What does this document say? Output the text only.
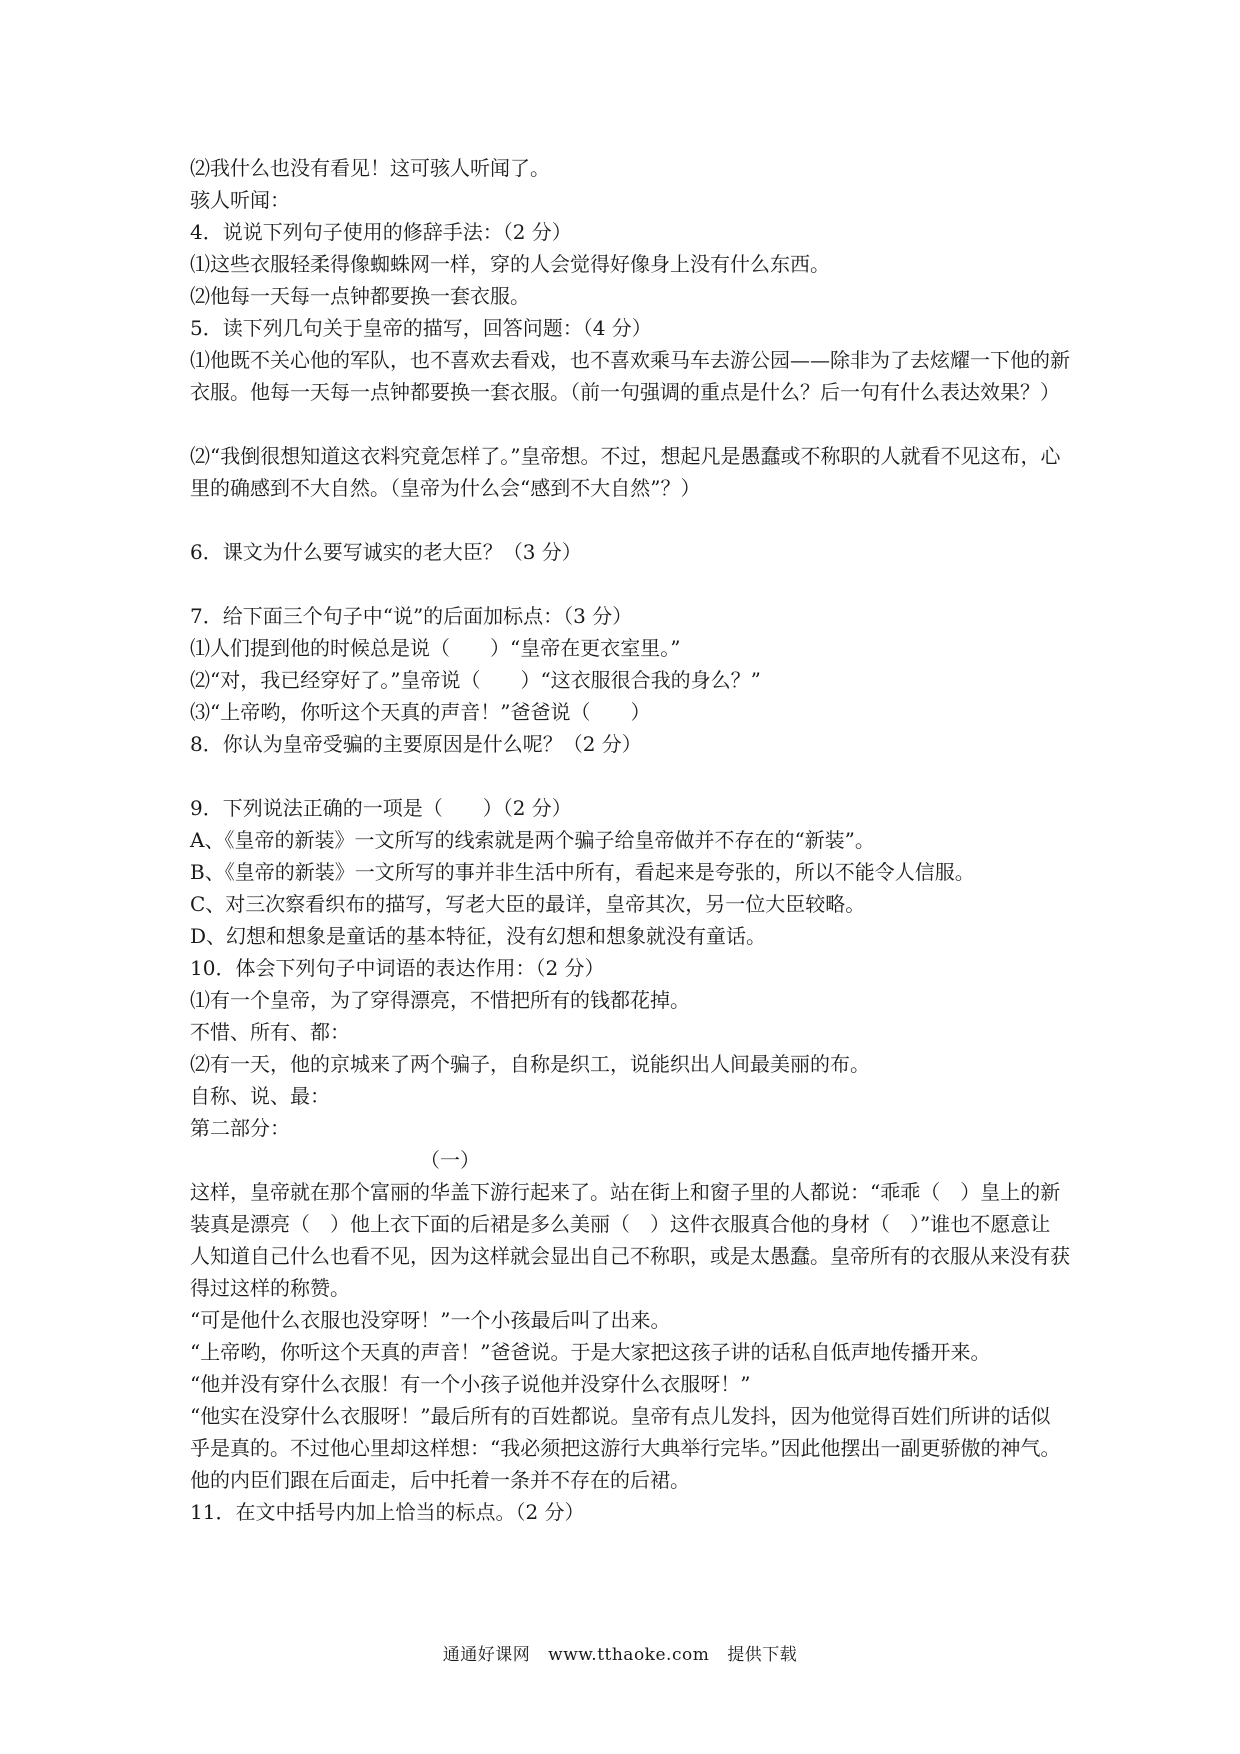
⑵我什么也没有看见！这可骇人听闻了。
骇人听闻：
4．说说下列句子使用的修辞手法：（2 分）
⑴这些衣服轻柔得像蜘蛛网一样，穿的人会觉得好像身上没有什么东西。
⑵他每一天每一点钟都要换一套衣服。
5．读下列几句关于皇帝的描写，回答问题：（4 分）
⑴他既不关心他的军队，也不喜欢去看戏，也不喜欢乘马车去游公园——除非为了去炫耀一下他的新衣服。他每一天每一点钟都要换一套衣服。（前一句强调的重点是什么？后一句有什么表达效果？）
⑵“我倒很想知道这衣料究竟怎样了。”皇帝想。不过，想起凡是愚蠢或不称职的人就看不见这布，心里的确感到不大自然。（皇帝为什么会“感到不大自然”？）
6．课文为什么要写诚实的老大臣？（3 分）
7．给下面三个句子中“说”的后面加标点：（3 分）
⑴人们提到他的时候总是说（　　）“皇帝在更衣室里。”
⑵“对，我已经穿好了。”皇帝说（　　）“这衣服很合我的身么？”
⑶“上帝哟，你听这个天真的声音！”爸爸说（　　）
8．你认为皇帝受骗的主要原因是什么呢？（2 分）
9．下列说法正确的一项是（　　）（2 分）
A、《皇帝的新装》一文所写的线索就是两个骗子给皇帝做并不存在的“新装”。
B、《皇帝的新装》一文所写的事并非生活中所有，看起来是夸张的，所以不能令人信服。
C、对三次察看织布的描写，写老大臣的最详，皇帝其次，另一位大臣较略。
D、幻想和想象是童话的基本特征，没有幻想和想象就没有童话。
10．体会下列句子中词语的表达作用：（2 分）
⑴有一个皇帝，为了穿得漂亮，不惜把所有的钱都花掉。
不惜、所有、都：
⑵有一天，他的京城来了两个骗子，自称是织工，说能织出人间最美丽的布。
自称、说、最：
第二部分：
（一）
这样，皇帝就在那个富丽的华盖下游行起来了。站在街上和窗子里的人都说：“乖乖（　）皇上的新装真是漂亮（　）他上衣下面的后裙是多么美丽（　）这件衣服真合他的身材（　）”谁也不愿意让人知道自己什么也看不见，因为这样就会显出自己不称职，或是太愚蠢。皇帝所有的衣服从来没有获得过这样的称赞。
“可是他什么衣服也没穿呀！”一个小孩最后叫了出来。
“上帝哟，你听这个天真的声音！”爸爸说。于是大家把这孩子讲的话私自低声地传播开来。
“他并没有穿什么衣服！有一个小孩子说他并没穿什么衣服呀！”
“他实在没穿什么衣服呀！”最后所有的百姓都说。皇帝有点儿发抖，因为他觉得百姓们所讲的话似乎是真的。不过他心里却这样想：“我必须把这游行大典举行完毕。”因此他摆出一副更骄傲的神气。他的内臣们跟在后面走，后中托着一条并不存在的后裙。
11．在文中括号内加上恰当的标点。（2 分）
通通好课网 www.tthaoke.com 提供下载
